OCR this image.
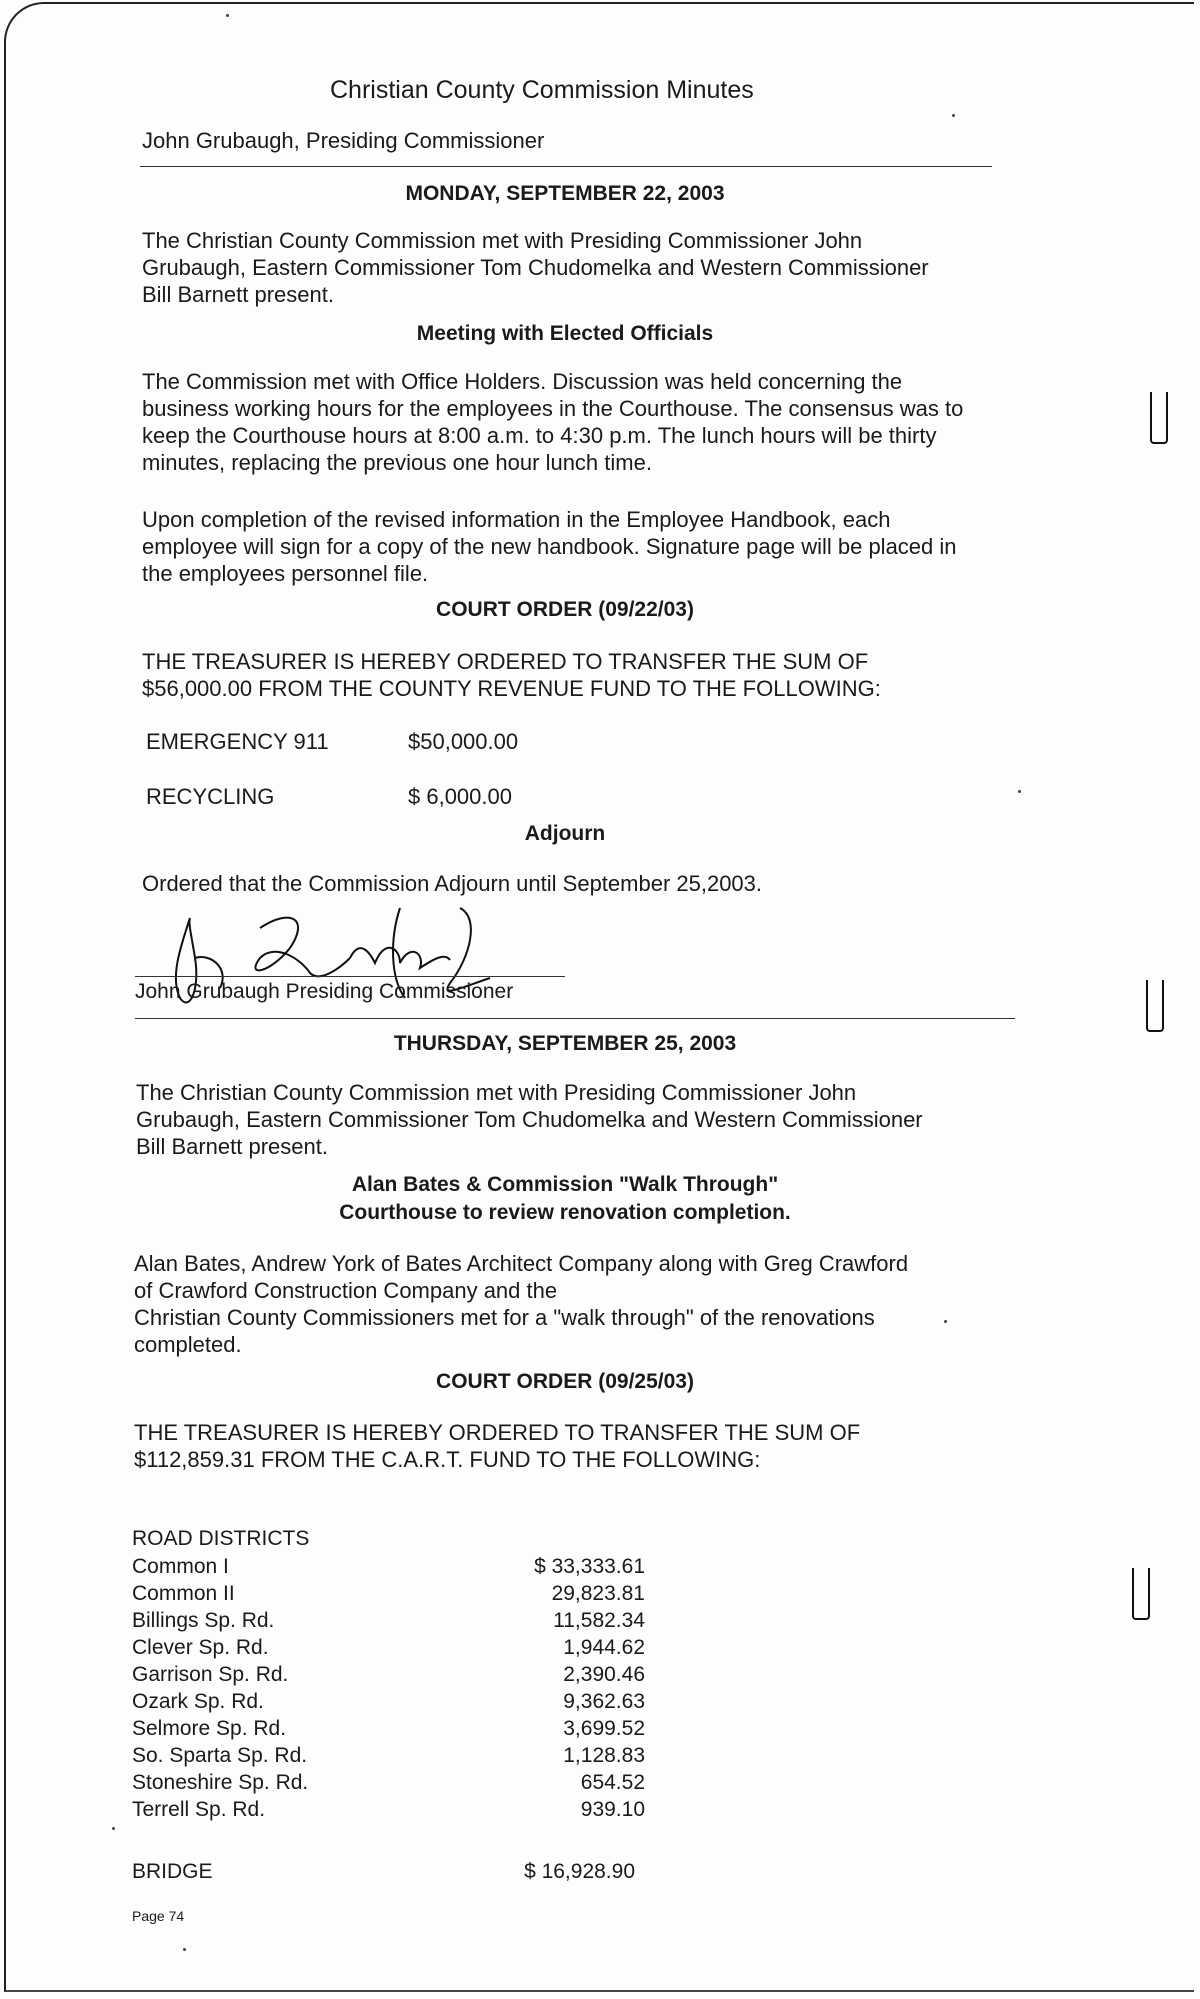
Christian County Commission Minutes
John Grubaugh, Presiding Commissioner
MONDAY, SEPTEMBER 22, 2003
The Christian County Commission met with Presiding Commissioner John Grubaugh, Eastern Commissioner Tom Chudomelka and Western Commissioner Bill Barnett present.
Meeting with Elected Officials
The Commission met with Office Holders. Discussion was held concerning the business working hours for the employees in the Courthouse. The consensus was to keep the Courthouse hours at 8:00 a.m. to 4:30 p.m. The lunch hours will be thirty minutes, replacing the previous one hour lunch time.
Upon completion of the revised information in the Employee Handbook, each employee will sign for a copy of the new handbook. Signature page will be placed in the employees personnel file.
COURT ORDER (09/22/03)
THE TREASURER IS HEREBY ORDERED TO TRANSFER THE SUM OF $56,000.00 FROM THE COUNTY REVENUE FUND TO THE FOLLOWING:
EMERGENCY 911	$50,000.00
RECYCLING	$ 6,000.00
Adjourn
Ordered that the Commission Adjourn until September 25,2003.
John Grubaugh Presiding Commissioner
THURSDAY, SEPTEMBER 25, 2003
The Christian County Commission met with Presiding Commissioner John Grubaugh, Eastern Commissioner Tom Chudomelka and Western Commissioner Bill Barnett present.
Alan Bates & Commission "Walk Through"
Courthouse to review renovation completion.
Alan Bates, Andrew York of Bates Architect Company along with Greg Crawford
of Crawford Construction Company and the
Christian County Commissioners met for a "walk through" of the renovations
completed.
COURT ORDER (09/25/03)
THE TREASURER IS HEREBY ORDERED TO TRANSFER THE SUM OF $112,859.31 FROM THE C.A.R.T. FUND TO THE FOLLOWING:
ROAD DISTRICTS
Common I	$ 33,333.61
Common II	29,823.81
Billings Sp. Rd.	11,582.34
Clever Sp. Rd.	1,944.62
Garrison Sp. Rd.	2,390.46
Ozark Sp. Rd.	9,362.63
Selmore Sp. Rd.	3,699.52
So. Sparta Sp. Rd.	1,128.83
Stoneshire Sp. Rd.	654.52
Terrell Sp. Rd.	939.10
BRIDGE	$ 16,928.90
Page 74
